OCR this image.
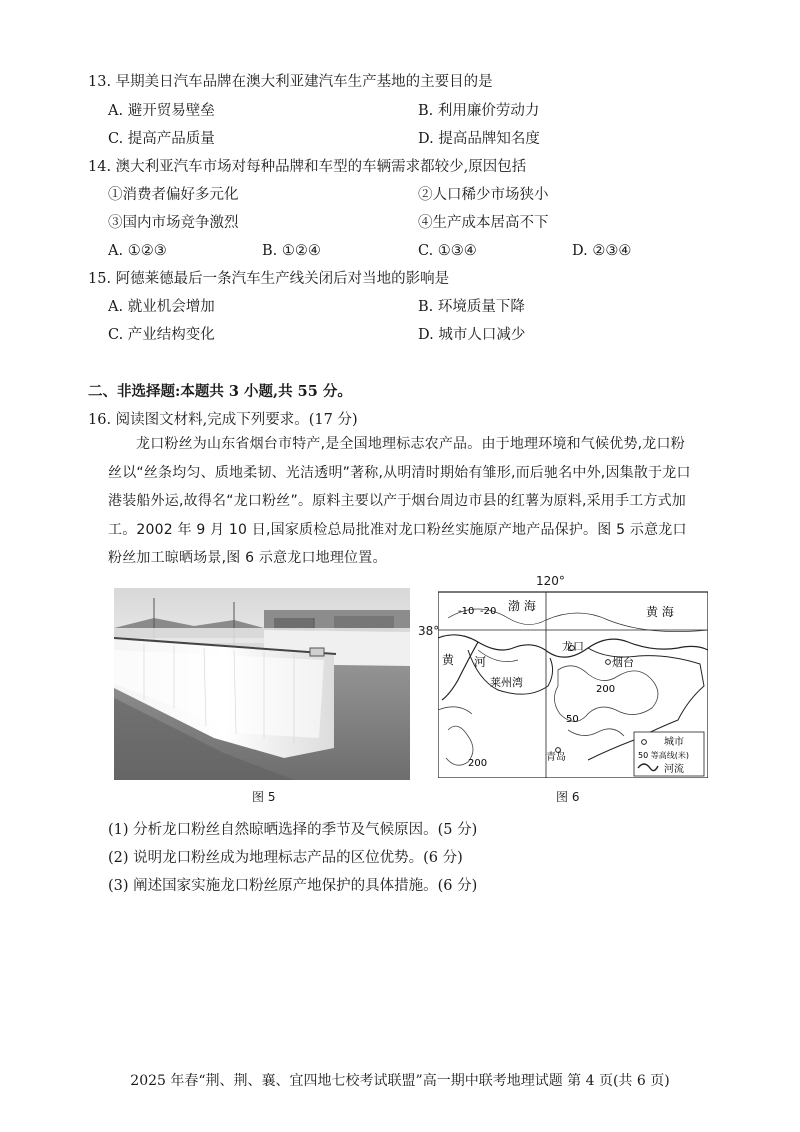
13. 早期美日汽车品牌在澳大利亚建汽车生产基地的主要目的是
A. 避开贸易壁垒	B. 利用廉价劳动力
C. 提高产品质量	D. 提高品牌知名度
14. 澳大利亚汽车市场对每种品牌和车型的车辆需求都较少,原因包括
①消费者偏好多元化	②人口稀少市场狭小
③国内市场竞争激烈	④生产成本居高不下
A. ①②③	B. ①②④	C. ①③④	D. ②③④
15. 阿德莱德最后一条汽车生产线关闭后对当地的影响是
A. 就业机会增加	B. 环境质量下降
C. 产业结构变化	D. 城市人口减少
二、非选择题:本题共 3 小题,共 55 分。
16. 阅读图文材料,完成下列要求。(17 分)
龙口粉丝为山东省烟台市特产,是全国地理标志农产品。由于地理环境和气候优势,龙口粉丝以“丝条均匀、质地柔韧、光洁透明”著称,从明清时期始有雏形,而后驰名中外,因集散于龙口港装船外运,故得名“龙口粉丝”。原料主要以产于烟台周边市县的红薯为原料,采用手工方式加工。2002 年 9 月 10 日,国家质检总局批准对龙口粉丝实施原产地产品保护。图 5 示意龙口粉丝加工晾晒场景,图 6 示意龙口地理位置。
图 5
-10 -20 渤 海	黄 海
黄 河
龙口
烟台
莱州湾
200
50
200
青岛
城市
50 等高线(米)
河流
120°
38°
图 6
(1) 分析龙口粉丝自然晾晒选择的季节及气候原因。(5 分)
(2) 说明龙口粉丝成为地理标志产品的区位优势。(6 分)
(3) 阐述国家实施龙口粉丝原产地保护的具体措施。(6 分)
2025 年春“荆、荆、襄、宜四地七校考试联盟”高一期中联考地理试题 第 4 页(共 6 页)
